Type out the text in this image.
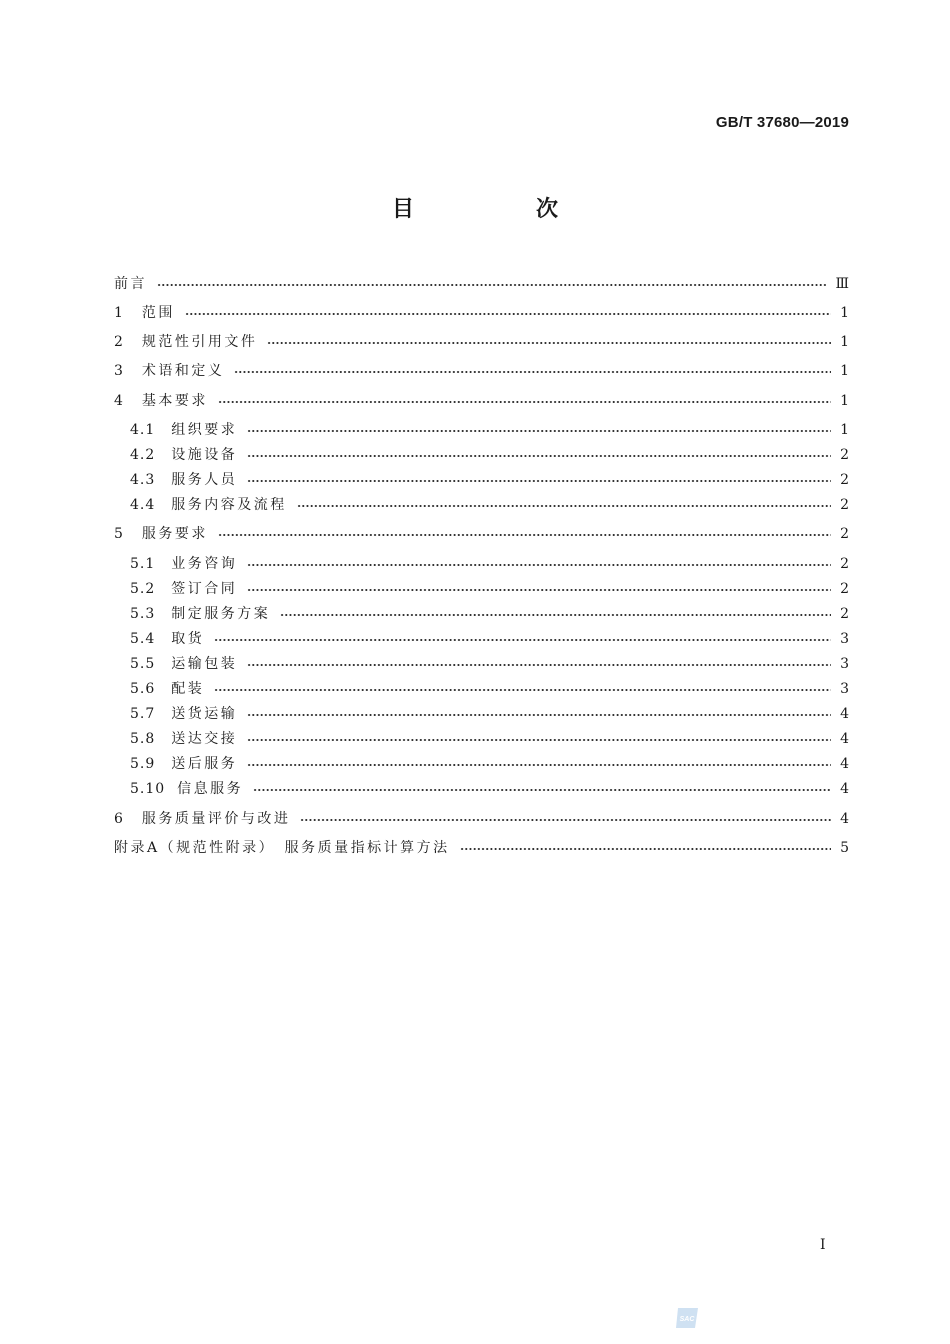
GB/T 37680—2019
目　次
前言	Ⅲ
1 范围	1
2 规范性引用文件	1
3 术语和定义	1
4 基本要求	1
4.1 组织要求	1
4.2 设施设备	2
4.3 服务人员	2
4.4 服务内容及流程	2
5 服务要求	2
5.1 业务咨询	2
5.2 签订合同	2
5.3 制定服务方案	2
5.4 取货	3
5.5 运输包装	3
5.6 配装	3
5.7 送货运输	4
5.8 送达交接	4
5.9 送后服务	4
5.10 信息服务	4
6 服务质量评价与改进	4
附录A（规范性附录）　服务质量指标计算方法	5
Ⅰ
SAC
